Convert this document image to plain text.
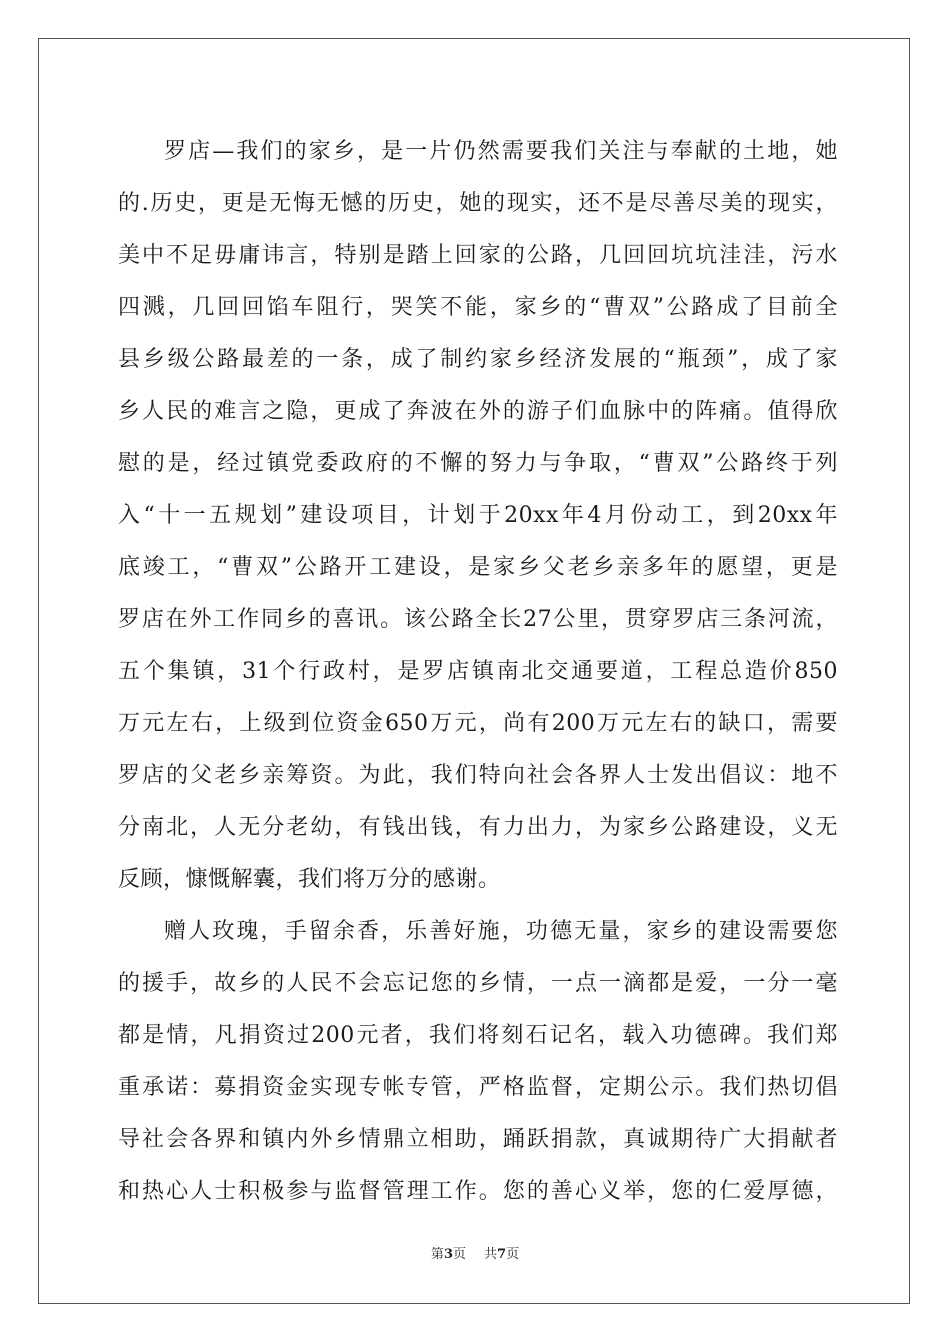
罗店—我们的家乡，是一片仍然需要我们关注与奉献的土地，她
的.历史，更是无悔无憾的历史，她的现实，还不是尽善尽美的现实，
美中不足毋庸讳言，特别是踏上回家的公路，几回回坑坑洼洼，污水
四溅，几回回馅车阻行，哭笑不能，家乡的“曹双”公路成了目前全
县乡级公路最差的一条，成了制约家乡经济发展的“瓶颈”，成了家
乡人民的难言之隐，更成了奔波在外的游子们血脉中的阵痛。值得欣
慰的是，经过镇党委政府的不懈的努力与争取，“曹双”公路终于列
入“十一五规划”建设项目，计划于20xx年4月份动工，到20xx年
底竣工，“曹双”公路开工建设，是家乡父老乡亲多年的愿望，更是
罗店在外工作同乡的喜讯。该公路全长27公里，贯穿罗店三条河流，
五个集镇，31个行政村，是罗店镇南北交通要道，工程总造价850
万元左右，上级到位资金650万元，尚有200万元左右的缺口，需要
罗店的父老乡亲筹资。为此，我们特向社会各界人士发出倡议：地不
分南北，人无分老幼，有钱出钱，有力出力，为家乡公路建设，义无
反顾，慷慨解囊，我们将万分的感谢。
赠人玫瑰，手留余香，乐善好施，功德无量，家乡的建设需要您
的援手，故乡的人民不会忘记您的乡情，一点一滴都是爱，一分一毫
都是情，凡捐资过200元者，我们将刻石记名，载入功德碑。我们郑
重承诺：募捐资金实现专帐专管，严格监督，定期公示。我们热切倡
导社会各界和镇内外乡情鼎立相助，踊跃捐款，真诚期待广大捐献者
和热心人士积极参与监督管理工作。您的善心义举，您的仁爱厚德，
第3页 共7页
